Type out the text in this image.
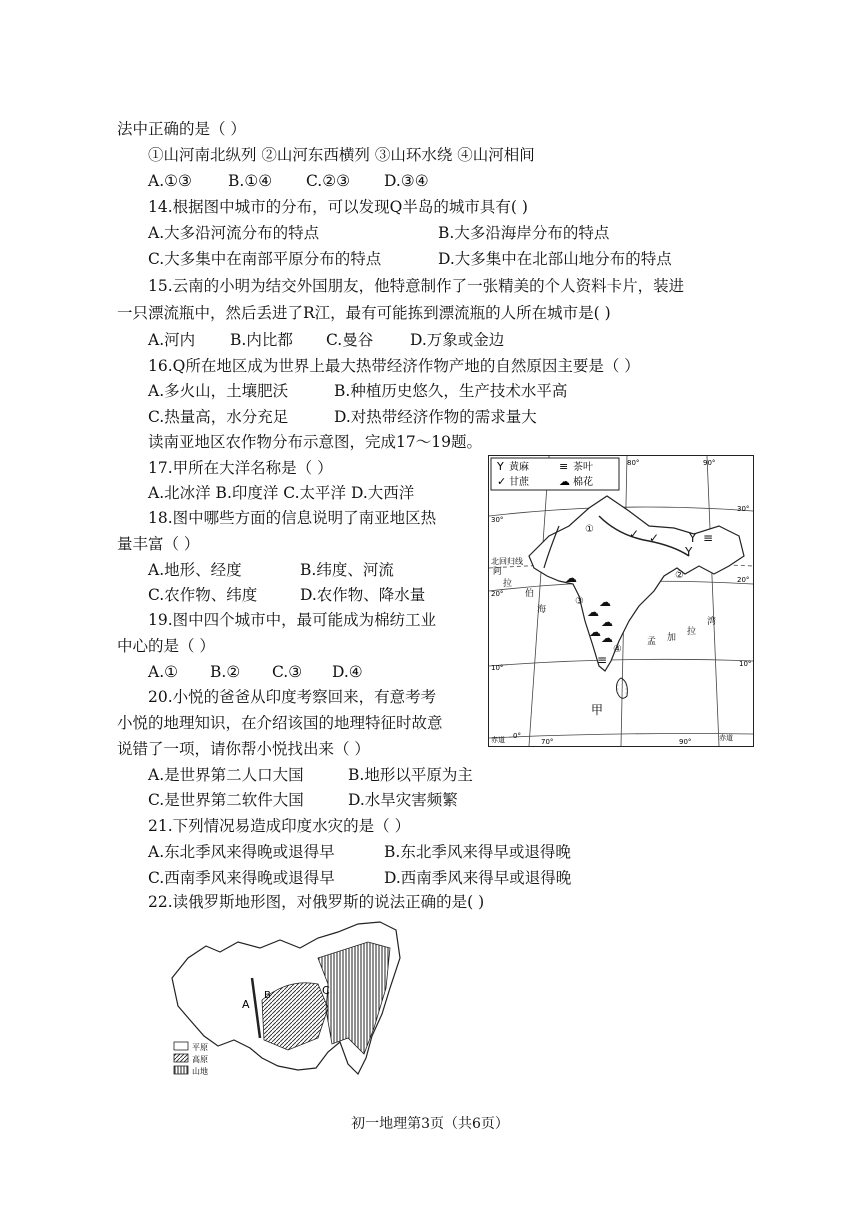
法中正确的是（ ）
①山河南北纵列 ②山河东西横列 ③山环水绕 ④山河相间
A.①③ B.①④ C.②③ D.③④
14.根据图中城市的分布，可以发现Q半岛的城市具有( )
A.大多沿河流分布的特点	B.大多沿海岸分布的特点
C.大多集中在南部平原分布的特点	D.大多集中在北部山地分布的特点
15.云南的小明为结交外国朋友，他特意制作了一张精美的个人资料卡片，装进
一只漂流瓶中，然后丢进了R江，最有可能拣到漂流瓶的人所在城市是( )
A.河内 B.内比都 C.曼谷 D.万象或金边
16.Q所在地区成为世界上最大热带经济作物产地的自然原因主要是（ ）
A.多火山，土壤肥沃	B.种植历史悠久，生产技术水平高
C.热量高，水分充足	D.对热带经济作物的需求量大
读南亚地区农作物分布示意图，完成17～19题。
17.甲所在大洋名称是（ ）
A.北冰洋 B.印度洋 C.太平洋 D.大西洋
18.图中哪些方面的信息说明了南亚地区热
量丰富（ ）
A.地形、经度	B.纬度、河流
C.农作物、纬度	D.农作物、降水量
19.图中四个城市中，最可能成为棉纺工业
中心的是（ ）
A.① B.② C.③ D.④
20.小悦的爸爸从印度考察回来，有意考考
小悦的地理知识，在介绍该国的地理特征时故意
说错了一项，请你帮小悦找出来（ ）
A.是世界第二人口大国	B.地形以平原为主
C.是世界第二软件大国	D.水旱灾害频繁
21.下列情况易造成印度水灾的是（ ）
A.东北季风来得晚或退得早	B.东北季风来得早或退得晚
C.西南季风来得晚或退得早	D.西南季风来得早或退得晚
22.读俄罗斯地形图，对俄罗斯的说法正确的是( )
Y 黄麻	≡ 茶叶
✓ 甘蔗	☁ 棉花
80°	90°
70°	90°
30°
30°
20°
20°
10°	10°
0°
赤道	赤道
北回归线
✓ ✓ Y ≡
Y
☁
☁
☁
☁
☁ ☁
≡
①
②
③
④
阿
拉
伯
海
孟 加
拉
湾
甲
A
B	C
平原
高原
山地
初一地理第3页（共6页）
